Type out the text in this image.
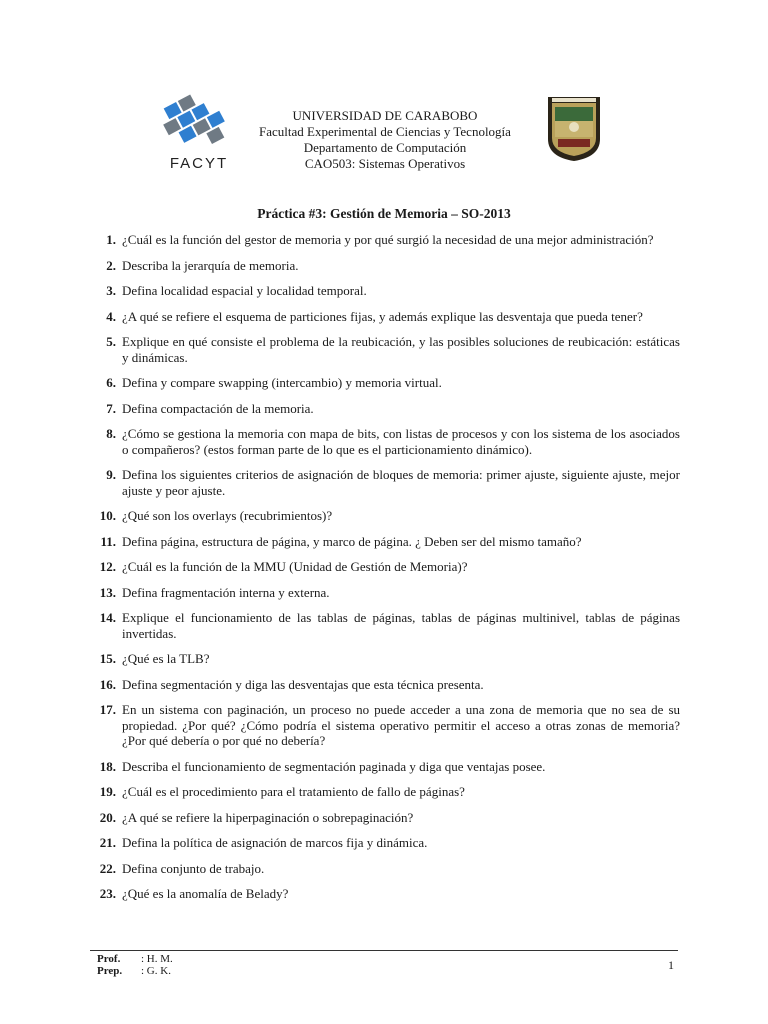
FACYT
UNIVERSIDAD DE CARABOBO
Facultad Experimental de Ciencias y Tecnología
Departamento de Computación
CAO503: Sistemas Operativos
Práctica #3: Gestión de Memoria – SO-2013
1. ¿Cuál es la función del gestor de memoria y por qué surgió la necesidad de una mejor administración?
2. Describa la jerarquía de memoria.
3. Defina localidad espacial y localidad temporal.
4. ¿A qué se refiere el esquema de particiones fijas, y además explique las desventaja que pueda tener?
5. Explique en qué consiste el problema de la reubicación, y las posibles soluciones de reubicación: estáticas y dinámicas.
6. Defina y compare swapping (intercambio) y memoria virtual.
7. Defina compactación de la memoria.
8. ¿Cómo se gestiona la memoria con mapa de bits, con listas de procesos y con los sistema de los asociados o compañeros? (estos forman parte de lo que es el particionamiento dinámico).
9. Defina los siguientes criterios de asignación de bloques de memoria: primer ajuste, siguiente ajuste, mejor ajuste y peor ajuste.
10. ¿Qué son los overlays (recubrimientos)?
11. Defina página, estructura de página, y marco de página. ¿ Deben ser del mismo tamaño?
12. ¿Cuál es la función de la MMU (Unidad de Gestión de Memoria)?
13. Defina fragmentación interna y externa.
14. Explique el funcionamiento de las tablas de páginas, tablas de páginas multinivel, tablas de páginas invertidas.
15. ¿Qué es la TLB?
16. Defina segmentación y diga las desventajas que esta técnica presenta.
17. En un sistema con paginación, un proceso no puede acceder a una zona de memoria que no sea de su propiedad. ¿Por qué? ¿Cómo podría el sistema operativo permitir el acceso a otras zonas de memoria? ¿Por qué debería o por qué no debería?
18. Describa el funcionamiento de segmentación paginada y diga que ventajas posee.
19. ¿Cuál es el procedimiento para el tratamiento de fallo de páginas?
20. ¿A qué se refiere la hiperpaginación o sobrepaginación?
21. Defina la política de asignación de marcos fija y dinámica.
22. Defina conjunto de trabajo.
23. ¿Qué es la anomalía de Belady?
Prof.	: H. M.
Prep.	: G. K.	1
